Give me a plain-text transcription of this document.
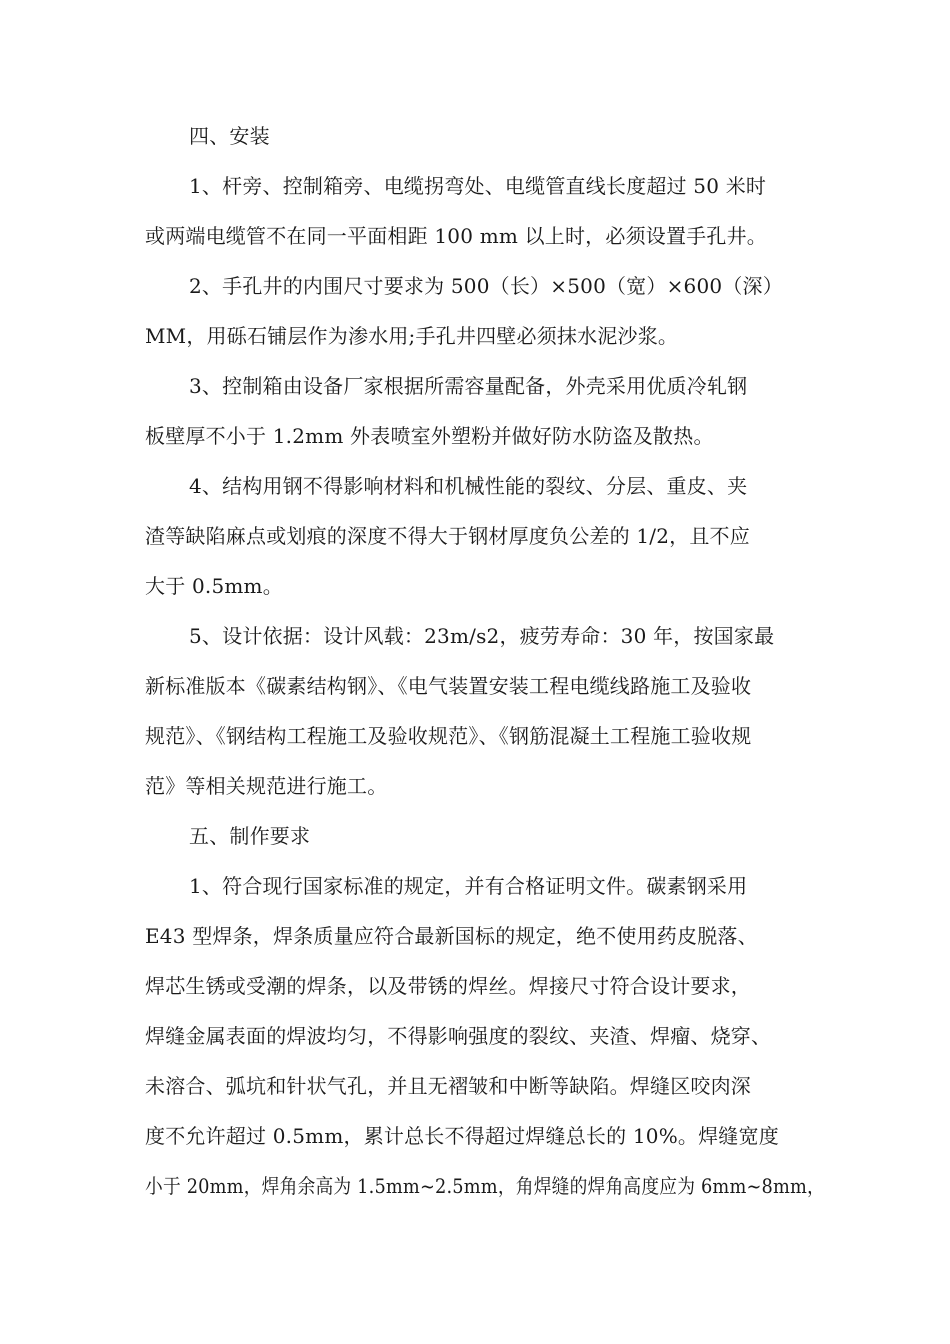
四、安装
1、杆旁、控制箱旁、电缆拐弯处、电缆管直线长度超过 50 米时
或两端电缆管不在同一平面相距 100 mm 以上时，必须设置手孔井。
2、手孔井的内围尺寸要求为 500（长）×500（宽）×600（深）
MM，用砾石铺层作为渗水用;手孔井四壁必须抹水泥沙浆。
3、控制箱由设备厂家根据所需容量配备，外壳采用优质冷轧钢
板壁厚不小于 1.2mm 外表喷室外塑粉并做好防水防盗及散热。
4、结构用钢不得影响材料和机械性能的裂纹、分层、重皮、夹
渣等缺陷麻点或划痕的深度不得大于钢材厚度负公差的 1/2，且不应
大于 0.5mm。
5、设计依据：设计风载：23m/s2，疲劳寿命：30 年，按国家最
新标准版本《碳素结构钢》、《电气装置安装工程电缆线路施工及验收
规范》、《钢结构工程施工及验收规范》、《钢筋混凝土工程施工验收规
范》等相关规范进行施工。
五、制作要求
1、符合现行国家标准的规定，并有合格证明文件。碳素钢采用
E43 型焊条，焊条质量应符合最新国标的规定，绝不使用药皮脱落、
焊芯生锈或受潮的焊条，以及带锈的焊丝。焊接尺寸符合设计要求，
焊缝金属表面的焊波均匀，不得影响强度的裂纹、夹渣、焊瘤、烧穿、
未溶合、弧坑和针状气孔，并且无褶皱和中断等缺陷。焊缝区咬肉深
度不允许超过 0.5mm，累计总长不得超过焊缝总长的 10%。焊缝宽度
小于 20mm，焊角余高为 1.5mm~2.5mm，角焊缝的焊角高度应为 6mm~8mm，
